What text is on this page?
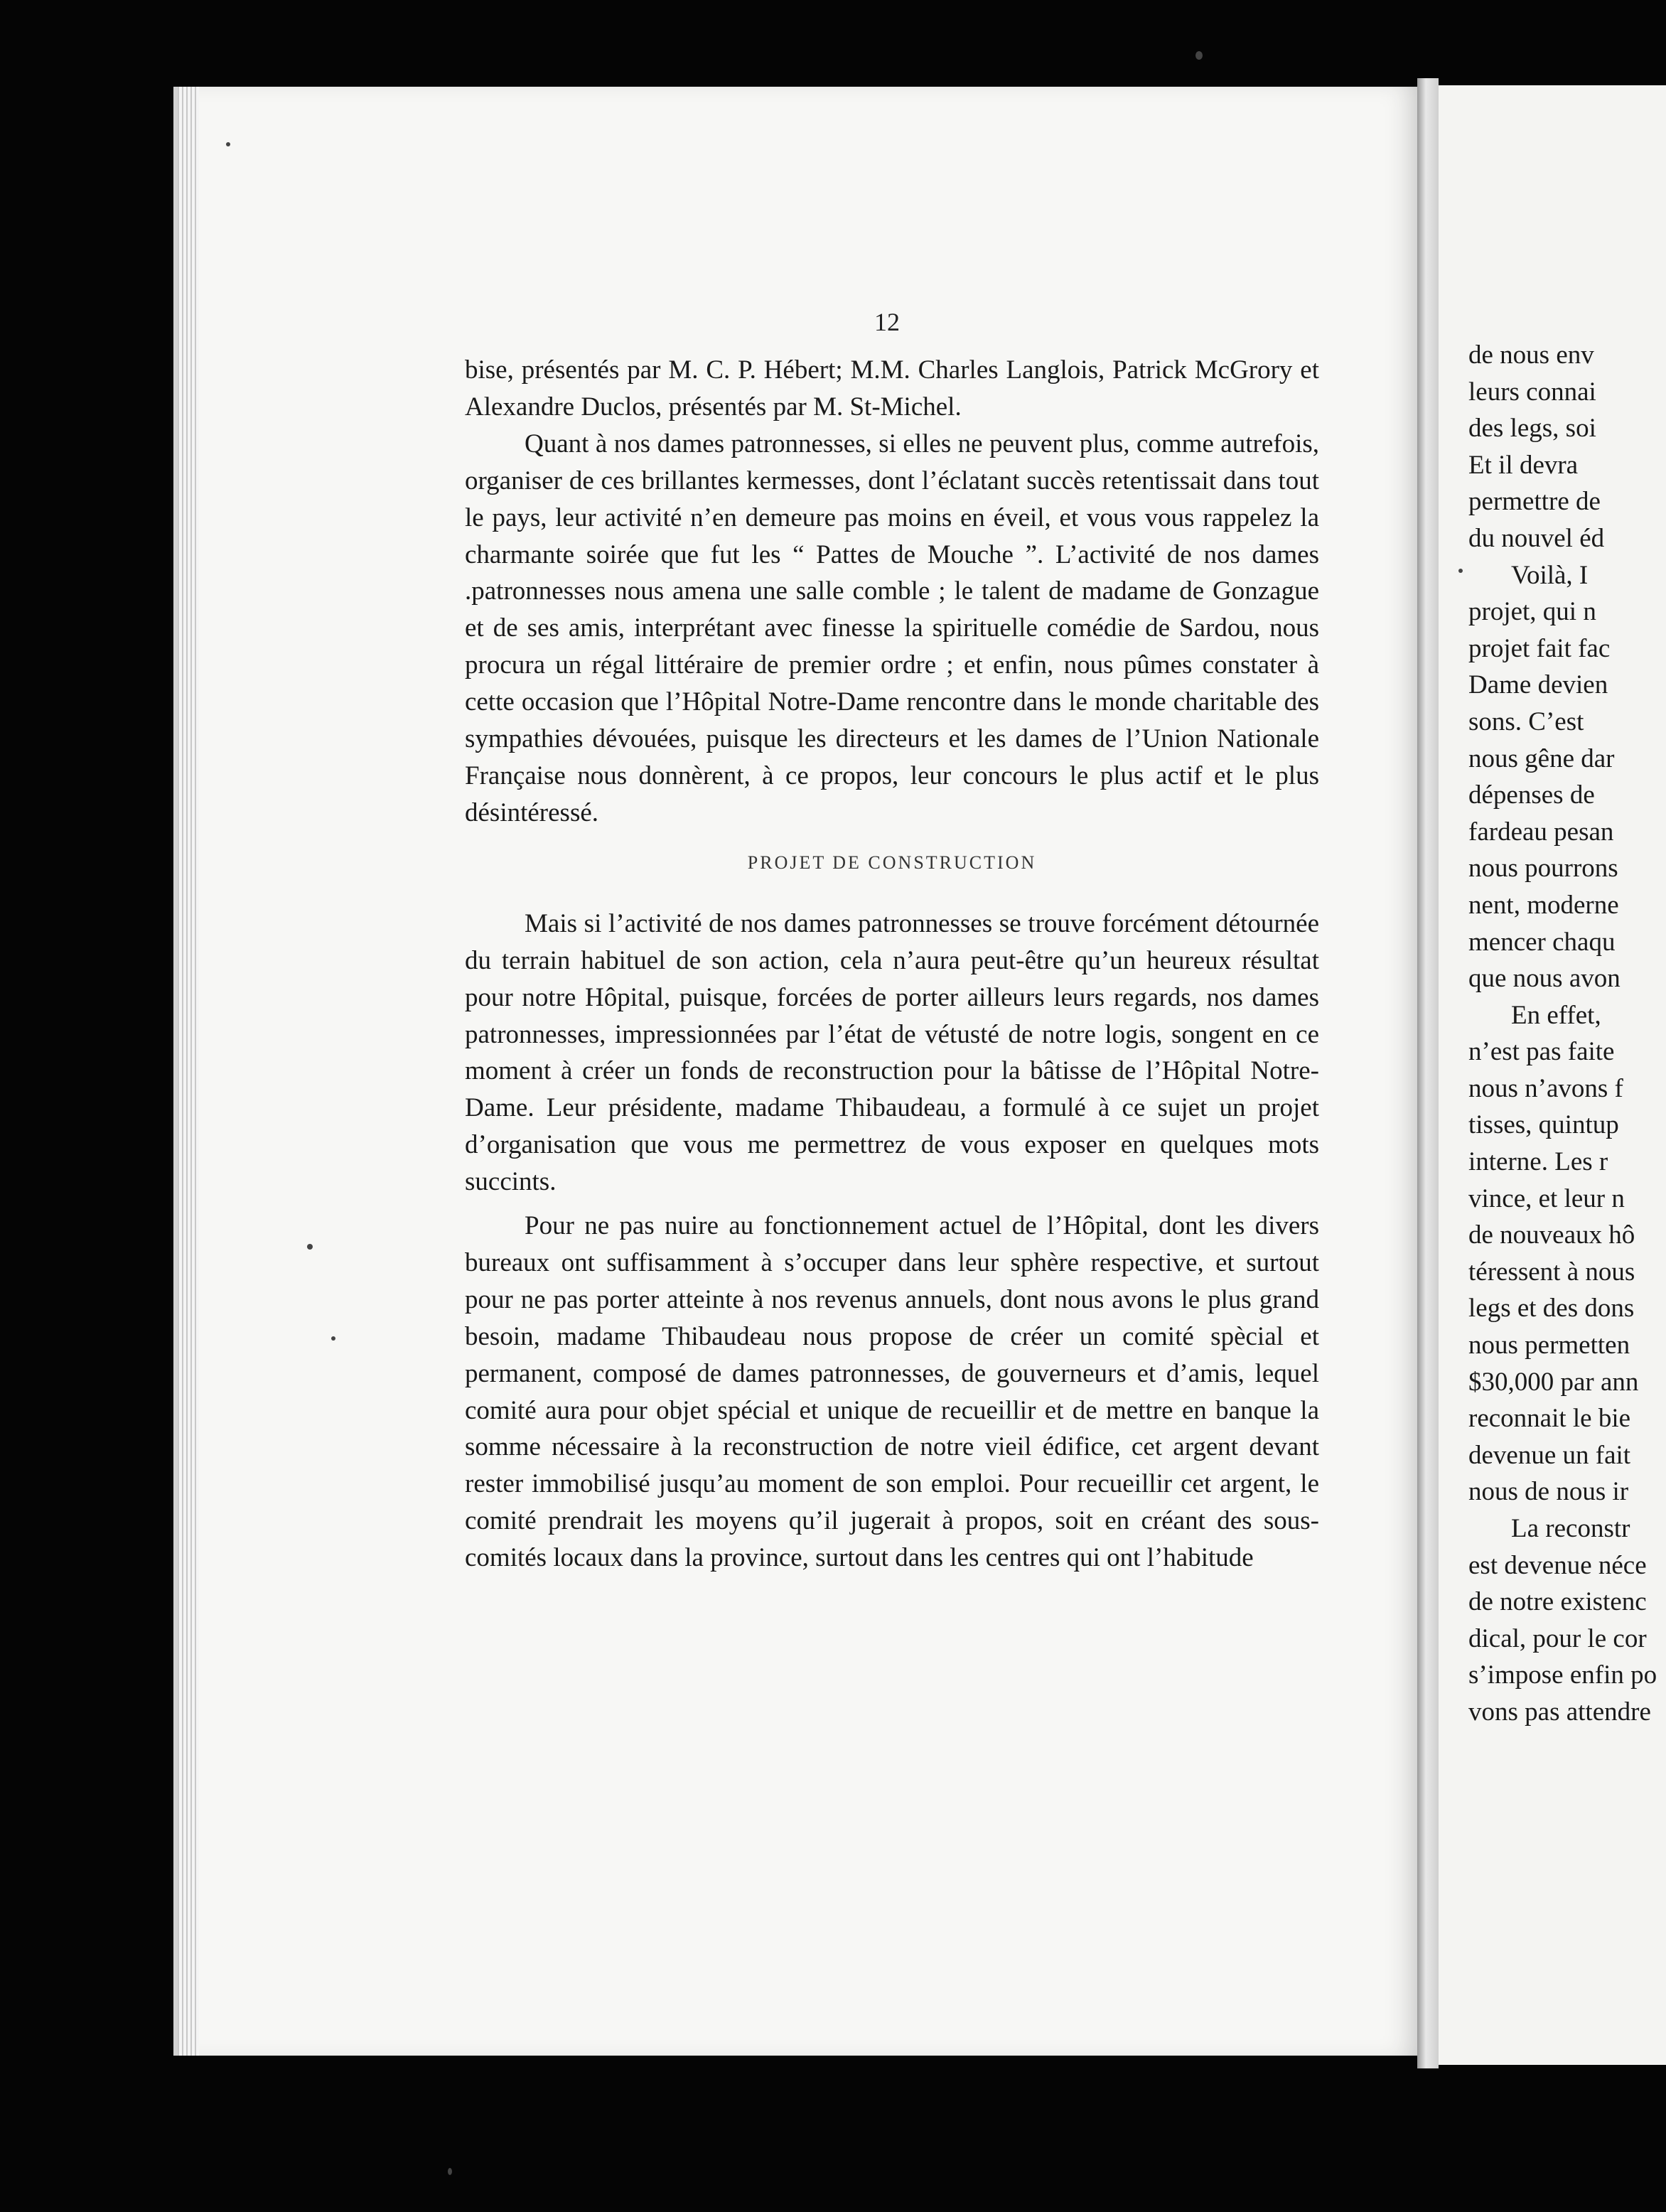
12

bise, présentés par M. C. P. Hébert; M.M. Charles Langlois, Patrick McGrory et Alexandre Duclos, présentés par M. St-Michel.

Quant à nos dames patronnesses, si elles ne peuvent plus, comme autrefois, organiser de ces brillantes kermesses, dont l’éclatant succès retentissait dans tout le pays, leur activité n’en demeure pas moins en éveil, et vous vous rappelez la charmante soirée que fut les “ Pattes de Mouche ”. L’activité de nos dames .patronnesses nous amena une salle comble ; le talent de madame de Gonzague et de ses amis, interprétant avec finesse la spirituelle comédie de Sardou, nous procura un régal littéraire de premier ordre ; et enfin, nous pûmes constater à cette occasion que l’Hôpital Notre-Dame rencontre dans le monde charitable des sympathies dévouées, puisque les directeurs et les dames de l’Union Nationale Française nous donnèrent, à ce propos, leur concours le plus actif et le plus désintéressé.

PROJET DE CONSTRUCTION

Mais si l’activité de nos dames patronnesses se trouve forcément détournée du terrain habituel de son action, cela n’aura peut-être qu’un heureux résultat pour notre Hôpital, puisque, forcées de porter ailleurs leurs regards, nos dames patronnesses, impressionnées par l’état de vétusté de notre logis, songent en ce moment à créer un fonds de reconstruction pour la bâtisse de l’Hôpital Notre-Dame. Leur présidente, madame Thibaudeau, a formulé à ce sujet un projet d’organisation que vous me permettrez de vous exposer en quelques mots succints.

Pour ne pas nuire au fonctionnement actuel de l’Hôpital, dont les divers bureaux ont suffisamment à s’occuper dans leur sphère respective, et surtout pour ne pas porter atteinte à nos revenus annuels, dont nous avons le plus grand besoin, madame Thibaudeau nous propose de créer un comité spècial et permanent, composé de dames patronnesses, de gouverneurs et d’amis, lequel comité aura pour objet spécial et unique de recueillir et de mettre en banque la somme nécessaire à la reconstruction de notre vieil édifice, cet argent devant rester immobilisé jusqu’au moment de son emploi. Pour recueillir cet argent, le comité prendrait les moyens qu’il jugerait à propos, soit en créant des sous-comités locaux dans la province, surtout dans les centres qui ont l’habitude

de nous env
leurs connai
des legs, soi
Et il devra
permettre de
du nouvel éd
Voilà, I
projet, qui n
projet fait fac
Dame devien
sons. C’est
nous gêne dar
dépenses de
fardeau pesan
nous pourrons
nent, moderne
mencer chaqu
que nous avon
En effet,
n’est pas faite
nous n’avons f
tisses, quintup
interne. Les r
vince, et leur n
de nouveaux hô
téressent à nous
legs et des dons
nous permetten
$30,000 par ann
reconnait le bie
devenue un fait
nous de nous ir
La reconstr
est devenue néce
de notre existenc
dical, pour le cor
s’impose enfin po
vons pas attendre
